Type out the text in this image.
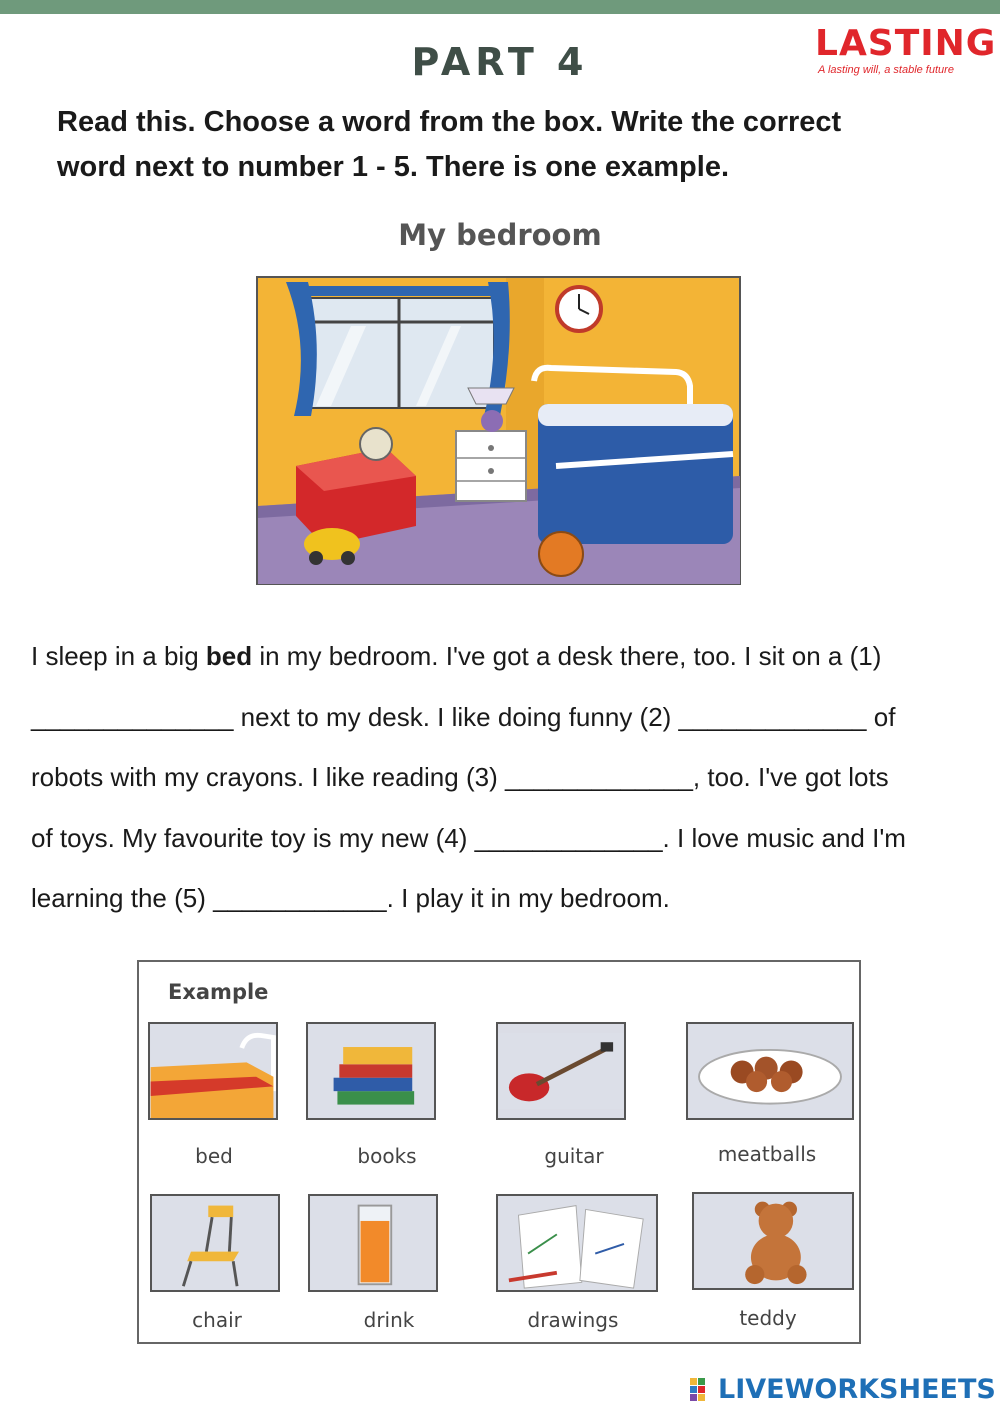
PART 4	LASTING
A lasting will, a stable future
Read this. Choose a word from the box. Write the correct
word next to number 1 - 5. There is one example.
My bedroom
I sleep in a big bed in my bedroom. I've got a desk there, too. I sit on a (1)
______________ next to my desk. I like doing funny (2) _____________ of
robots with my crayons. I like reading (3) _____________, too. I've got lots
of toys. My favourite toy is my new (4) _____________. I love music and I'm
learning the (5) ____________. I play it in my bedroom.
Example
bed	books	guitar	meatballs
chair	drink	drawings	teddy
LIVEWORKSHEETS
